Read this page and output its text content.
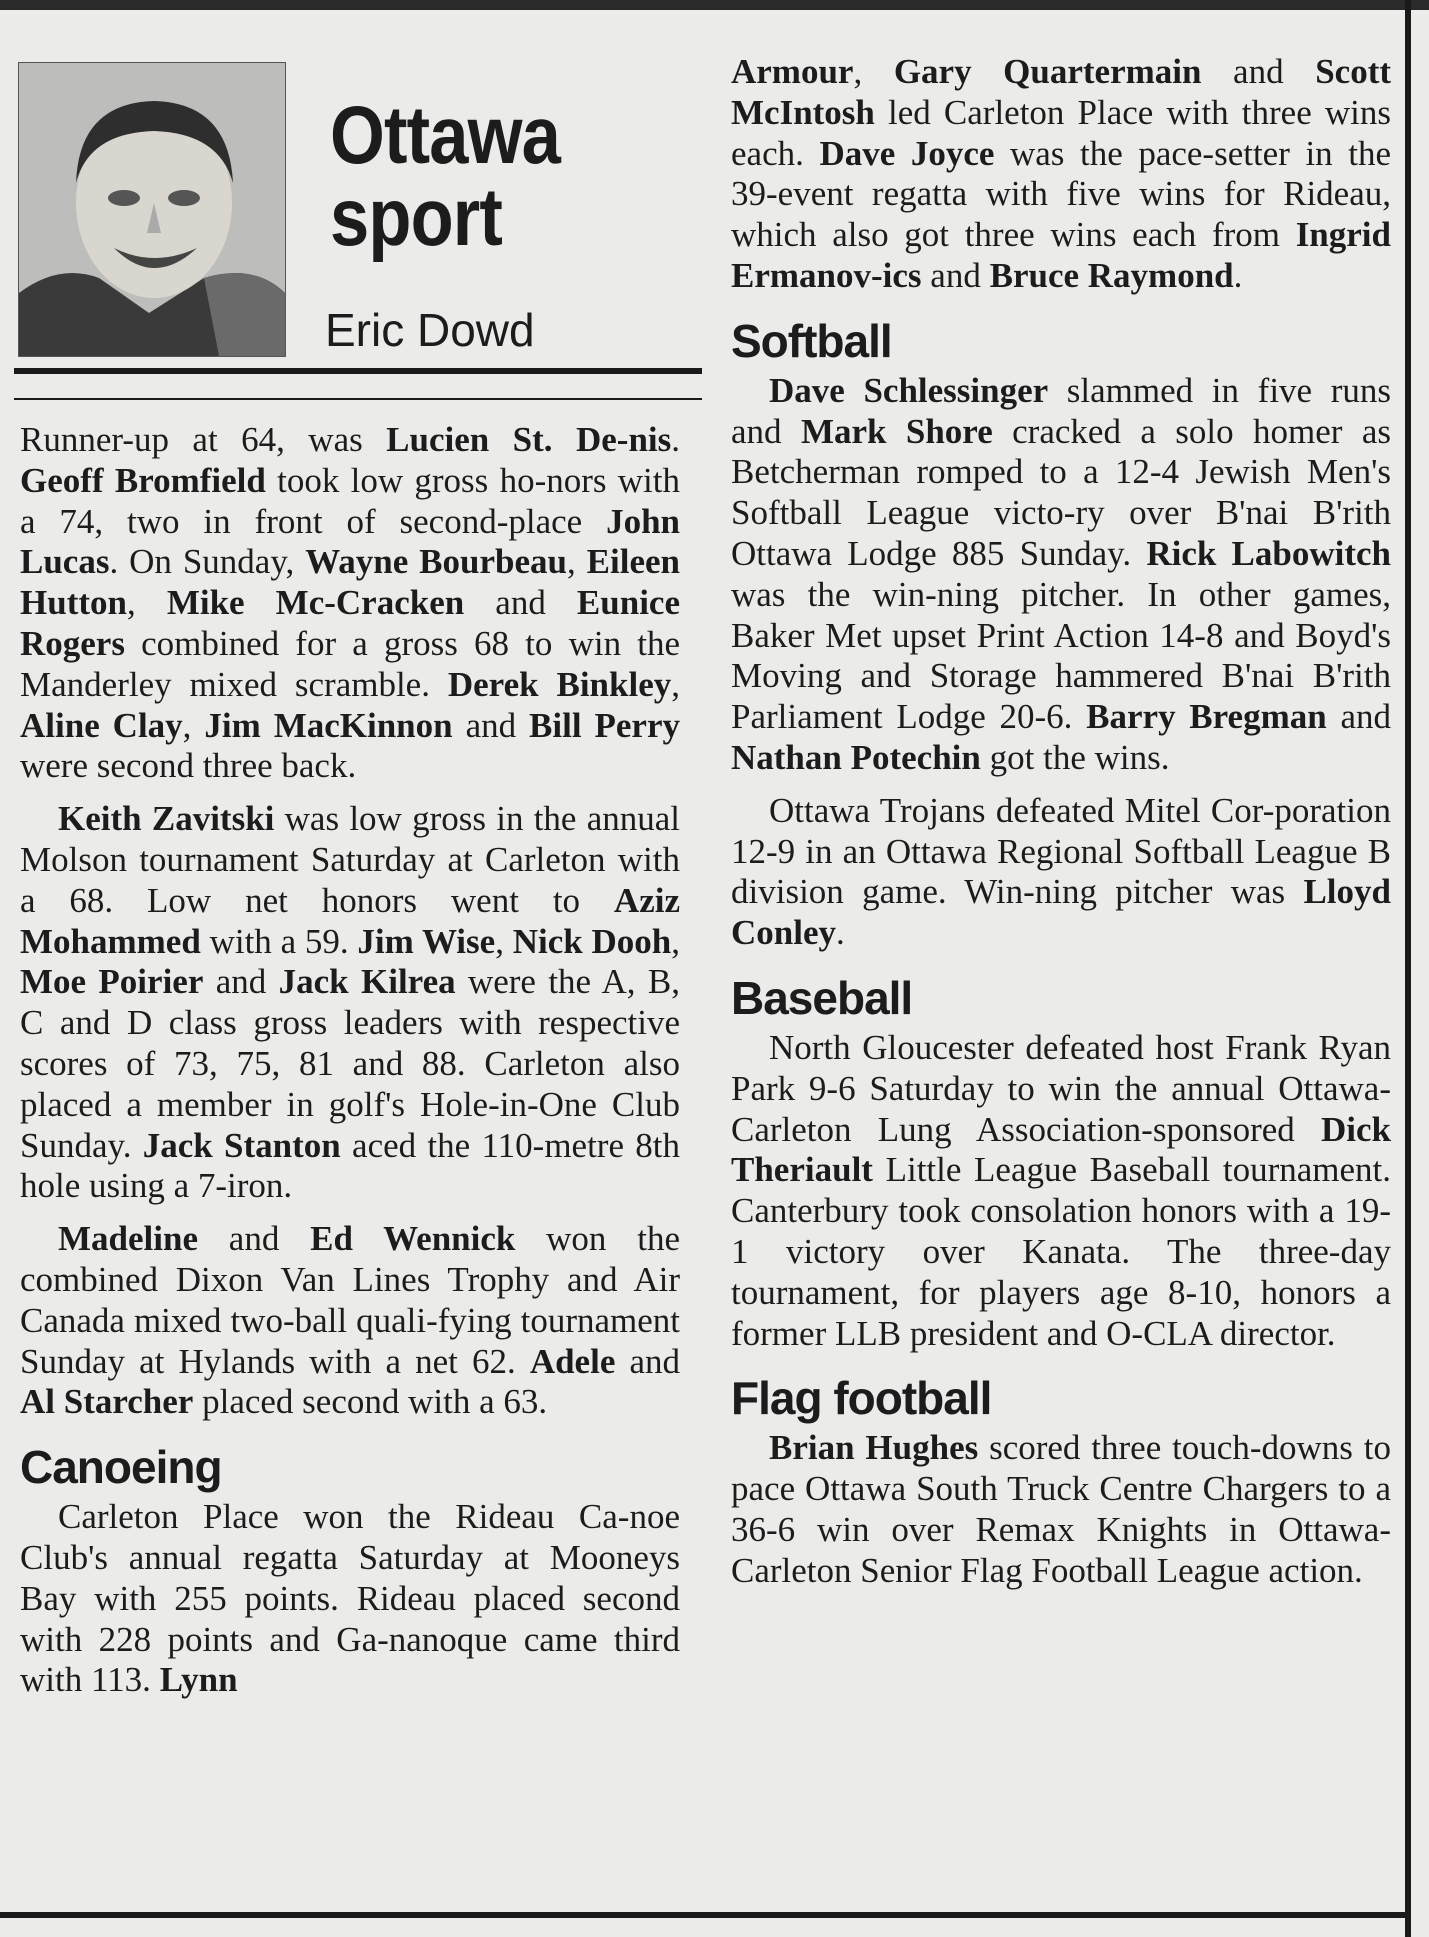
Ottawa
sport
Eric Dowd

Runner-up at 64, was Lucien St. De-nis. Geoff Bromfield took low gross ho-nors with a 74, two in front of second-place John Lucas. On Sunday, Wayne Bourbeau, Eileen Hutton, Mike Mc-Cracken and Eunice Rogers combined for a gross 68 to win the Manderley mixed scramble. Derek Binkley, Aline Clay, Jim MacKinnon and Bill Perry were second three back.

Keith Zavitski was low gross in the annual Molson tournament Saturday at Carleton with a 68. Low net honors went to Aziz Mohammed with a 59. Jim Wise, Nick Dooh, Moe Poirier and Jack Kilrea were the A, B, C and D class gross leaders with respective scores of 73, 75, 81 and 88. Carleton also placed a member in golf's Hole-in-One Club Sunday. Jack Stanton aced the 110-metre 8th hole using a 7-iron.

Madeline and Ed Wennick won the combined Dixon Van Lines Trophy and Air Canada mixed two-ball quali-fying tournament Sunday at Hylands with a net 62. Adele and Al Starcher placed second with a 63.

Canoeing

Carleton Place won the Rideau Ca-noe Club's annual regatta Saturday at Mooneys Bay with 255 points. Rideau placed second with 228 points and Ga-nanoque came third with 113. Lynn

Armour, Gary Quartermain and Scott McIntosh led Carleton Place with three wins each. Dave Joyce was the pace-setter in the 39-event regatta with five wins for Rideau, which also got three wins each from Ingrid Ermanov-ics and Bruce Raymond.

Softball

Dave Schlessinger slammed in five runs and Mark Shore cracked a solo homer as Betcherman romped to a 12-4 Jewish Men's Softball League victo-ry over B'nai B'rith Ottawa Lodge 885 Sunday. Rick Labowitch was the win-ning pitcher. In other games, Baker Met upset Print Action 14-8 and Boyd's Moving and Storage hammered B'nai B'rith Parliament Lodge 20-6. Barry Bregman and Nathan Potechin got the wins.

Ottawa Trojans defeated Mitel Cor-poration 12-9 in an Ottawa Regional Softball League B division game. Win-ning pitcher was Lloyd Conley.

Baseball

North Gloucester defeated host Frank Ryan Park 9-6 Saturday to win the annual Ottawa-Carleton Lung Association-sponsored Dick Theriault Little League Baseball tournament. Canterbury took consolation honors with a 19-1 victory over Kanata. The three-day tournament, for players age 8-10, honors a former LLB president and O-CLA director.

Flag football

Brian Hughes scored three touch-downs to pace Ottawa South Truck Centre Chargers to a 36-6 win over Remax Knights in Ottawa-Carleton Senior Flag Football League action.
